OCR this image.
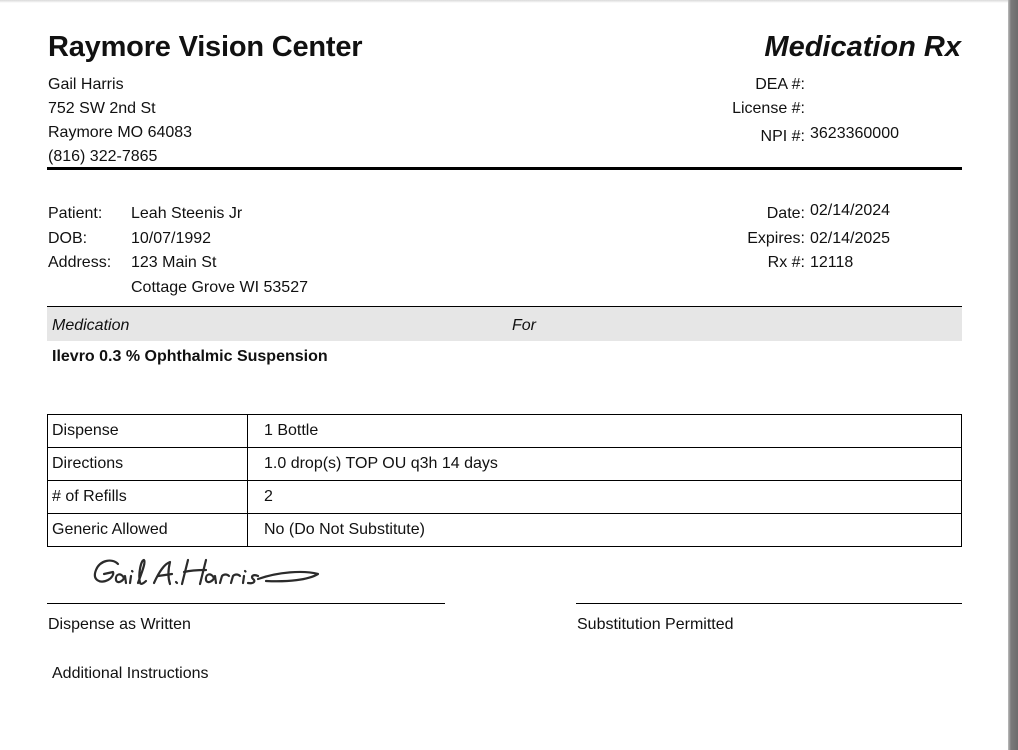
Raymore Vision Center	Medication Rx
Gail Harris
752 SW 2nd St
Raymore MO 64083
(816) 322-7865
DEA #:
License #:
NPI #: 3623360000
Patient: Leah Steenis Jr
DOB:	10/07/1992
Address: 123 Main St
Cottage Grove WI 53527
Date: 02/14/2024
Expires: 02/14/2025
Rx #: 12118
Medication	For
Ilevro 0.3 % Ophthalmic Suspension
Dispense	1 Bottle
Directions	1.0 drop(s) TOP OU q3h 14 days
# of Refills	2
Generic Allowed	No (Do Not Substitute)
Dispense as Written	Substitution Permitted
Additional Instructions
